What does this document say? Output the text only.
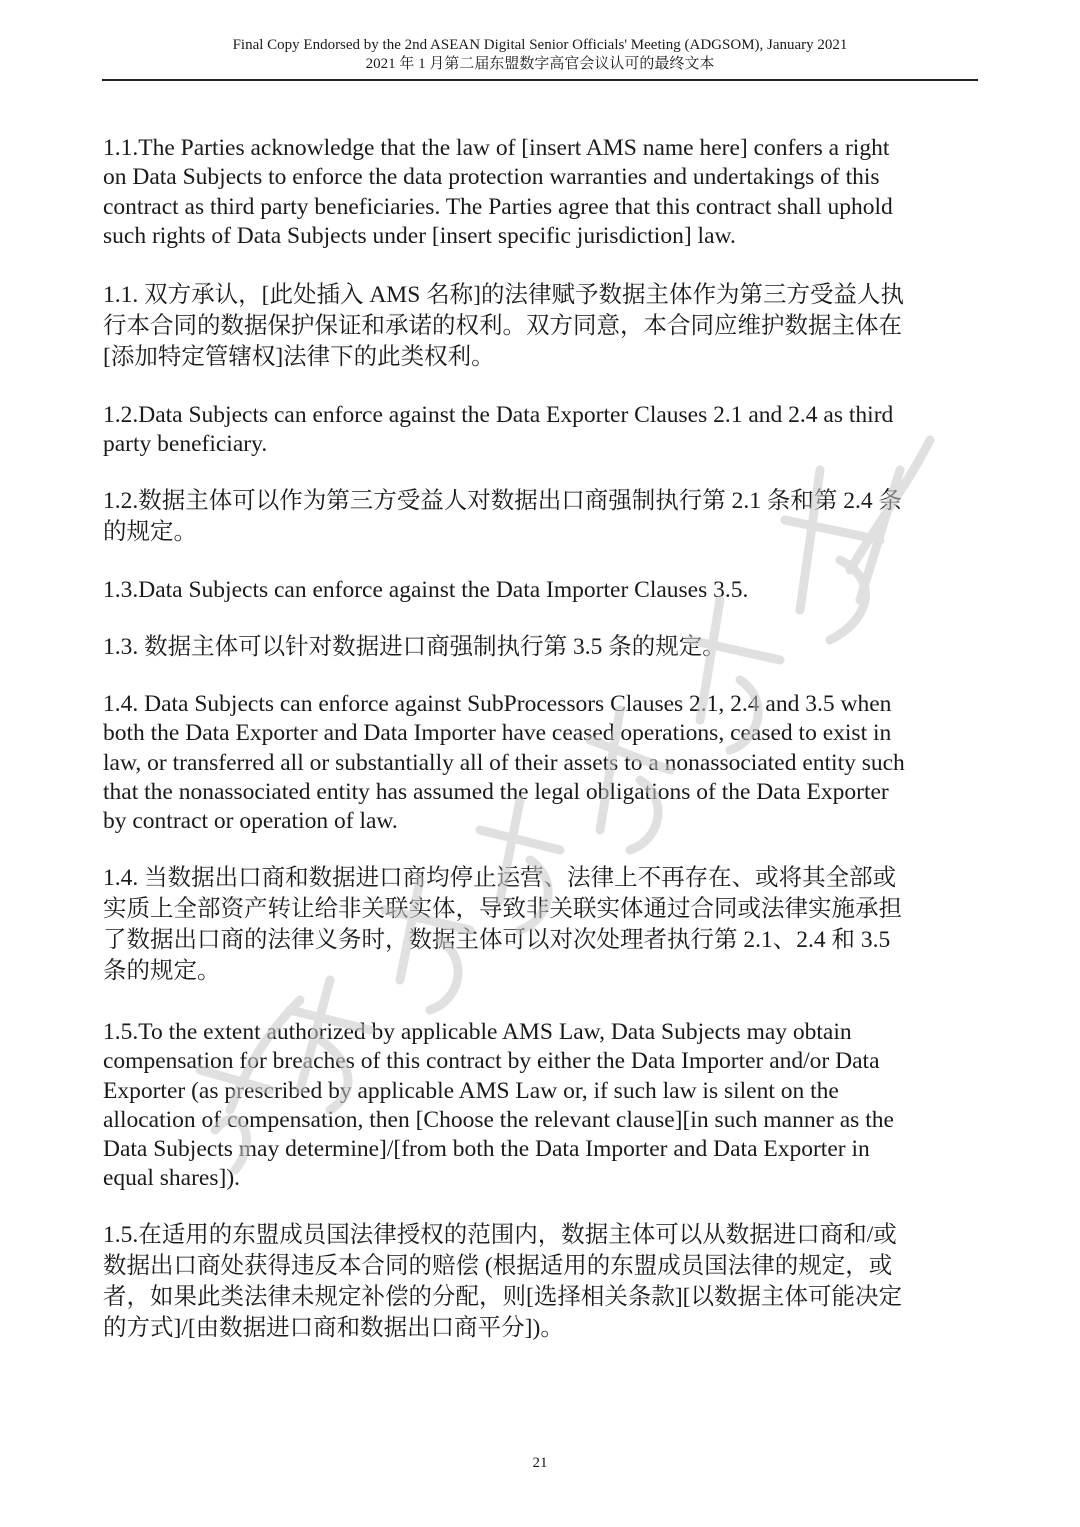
Final Copy Endorsed by the 2nd ASEAN Digital Senior Officials' Meeting (ADGSOM), January 2021
2021 年 1 月第二届东盟数字高官会议认可的最终文本
1.1.The Parties acknowledge that the law of [insert AMS name here] confers a right
on Data Subjects to enforce the data protection warranties and undertakings of this
contract as third party beneficiaries. The Parties agree that this contract shall uphold
such rights of Data Subjects under [insert specific jurisdiction] law.
1.1. 双方承认，[此处插入 AMS 名称]的法律赋予数据主体作为第三方受益人执
行本合同的数据保护保证和承诺的权利。双方同意，本合同应维护数据主体在
[添加特定管辖权]法律下的此类权利。
1.2.Data Subjects can enforce against the Data Exporter Clauses 2.1 and 2.4 as third
party beneficiary.
1.2.数据主体可以作为第三方受益人对数据出口商强制执行第 2.1 条和第 2.4 条
的规定。
1.3.Data Subjects can enforce against the Data Importer Clauses 3.5.
1.3. 数据主体可以针对数据进口商强制执行第 3.5 条的规定。
1.4. Data Subjects can enforce against SubProcessors Clauses 2.1, 2.4 and 3.5 when
both the Data Exporter and Data Importer have ceased operations, ceased to exist in
law, or transferred all or substantially all of their assets to a nonassociated entity such
that the nonassociated entity has assumed the legal obligations of the Data Exporter
by contract or operation of law.
1.4. 当数据出口商和数据进口商均停止运营、法律上不再存在、或将其全部或
实质上全部资产转让给非关联实体，导致非关联实体通过合同或法律实施承担
了数据出口商的法律义务时，数据主体可以对次处理者执行第 2.1、2.4 和 3.5
条的规定。
1.5.To the extent authorized by applicable AMS Law, Data Subjects may obtain
compensation for breaches of this contract by either the Data Importer and/or Data
Exporter (as prescribed by applicable AMS Law or, if such law is silent on the
allocation of compensation, then [Choose the relevant clause][in such manner as the
Data Subjects may determine]/[from both the Data Importer and Data Exporter in
equal shares]).
1.5.在适用的东盟成员国法律授权的范围内，数据主体可以从数据进口商和/或
数据出口商处获得违反本合同的赔偿 (根据适用的东盟成员国法律的规定，或
者，如果此类法律未规定补偿的分配，则[选择相关条款][以数据主体可能决定
的方式]/[由数据进口商和数据出口商平分])。
21
